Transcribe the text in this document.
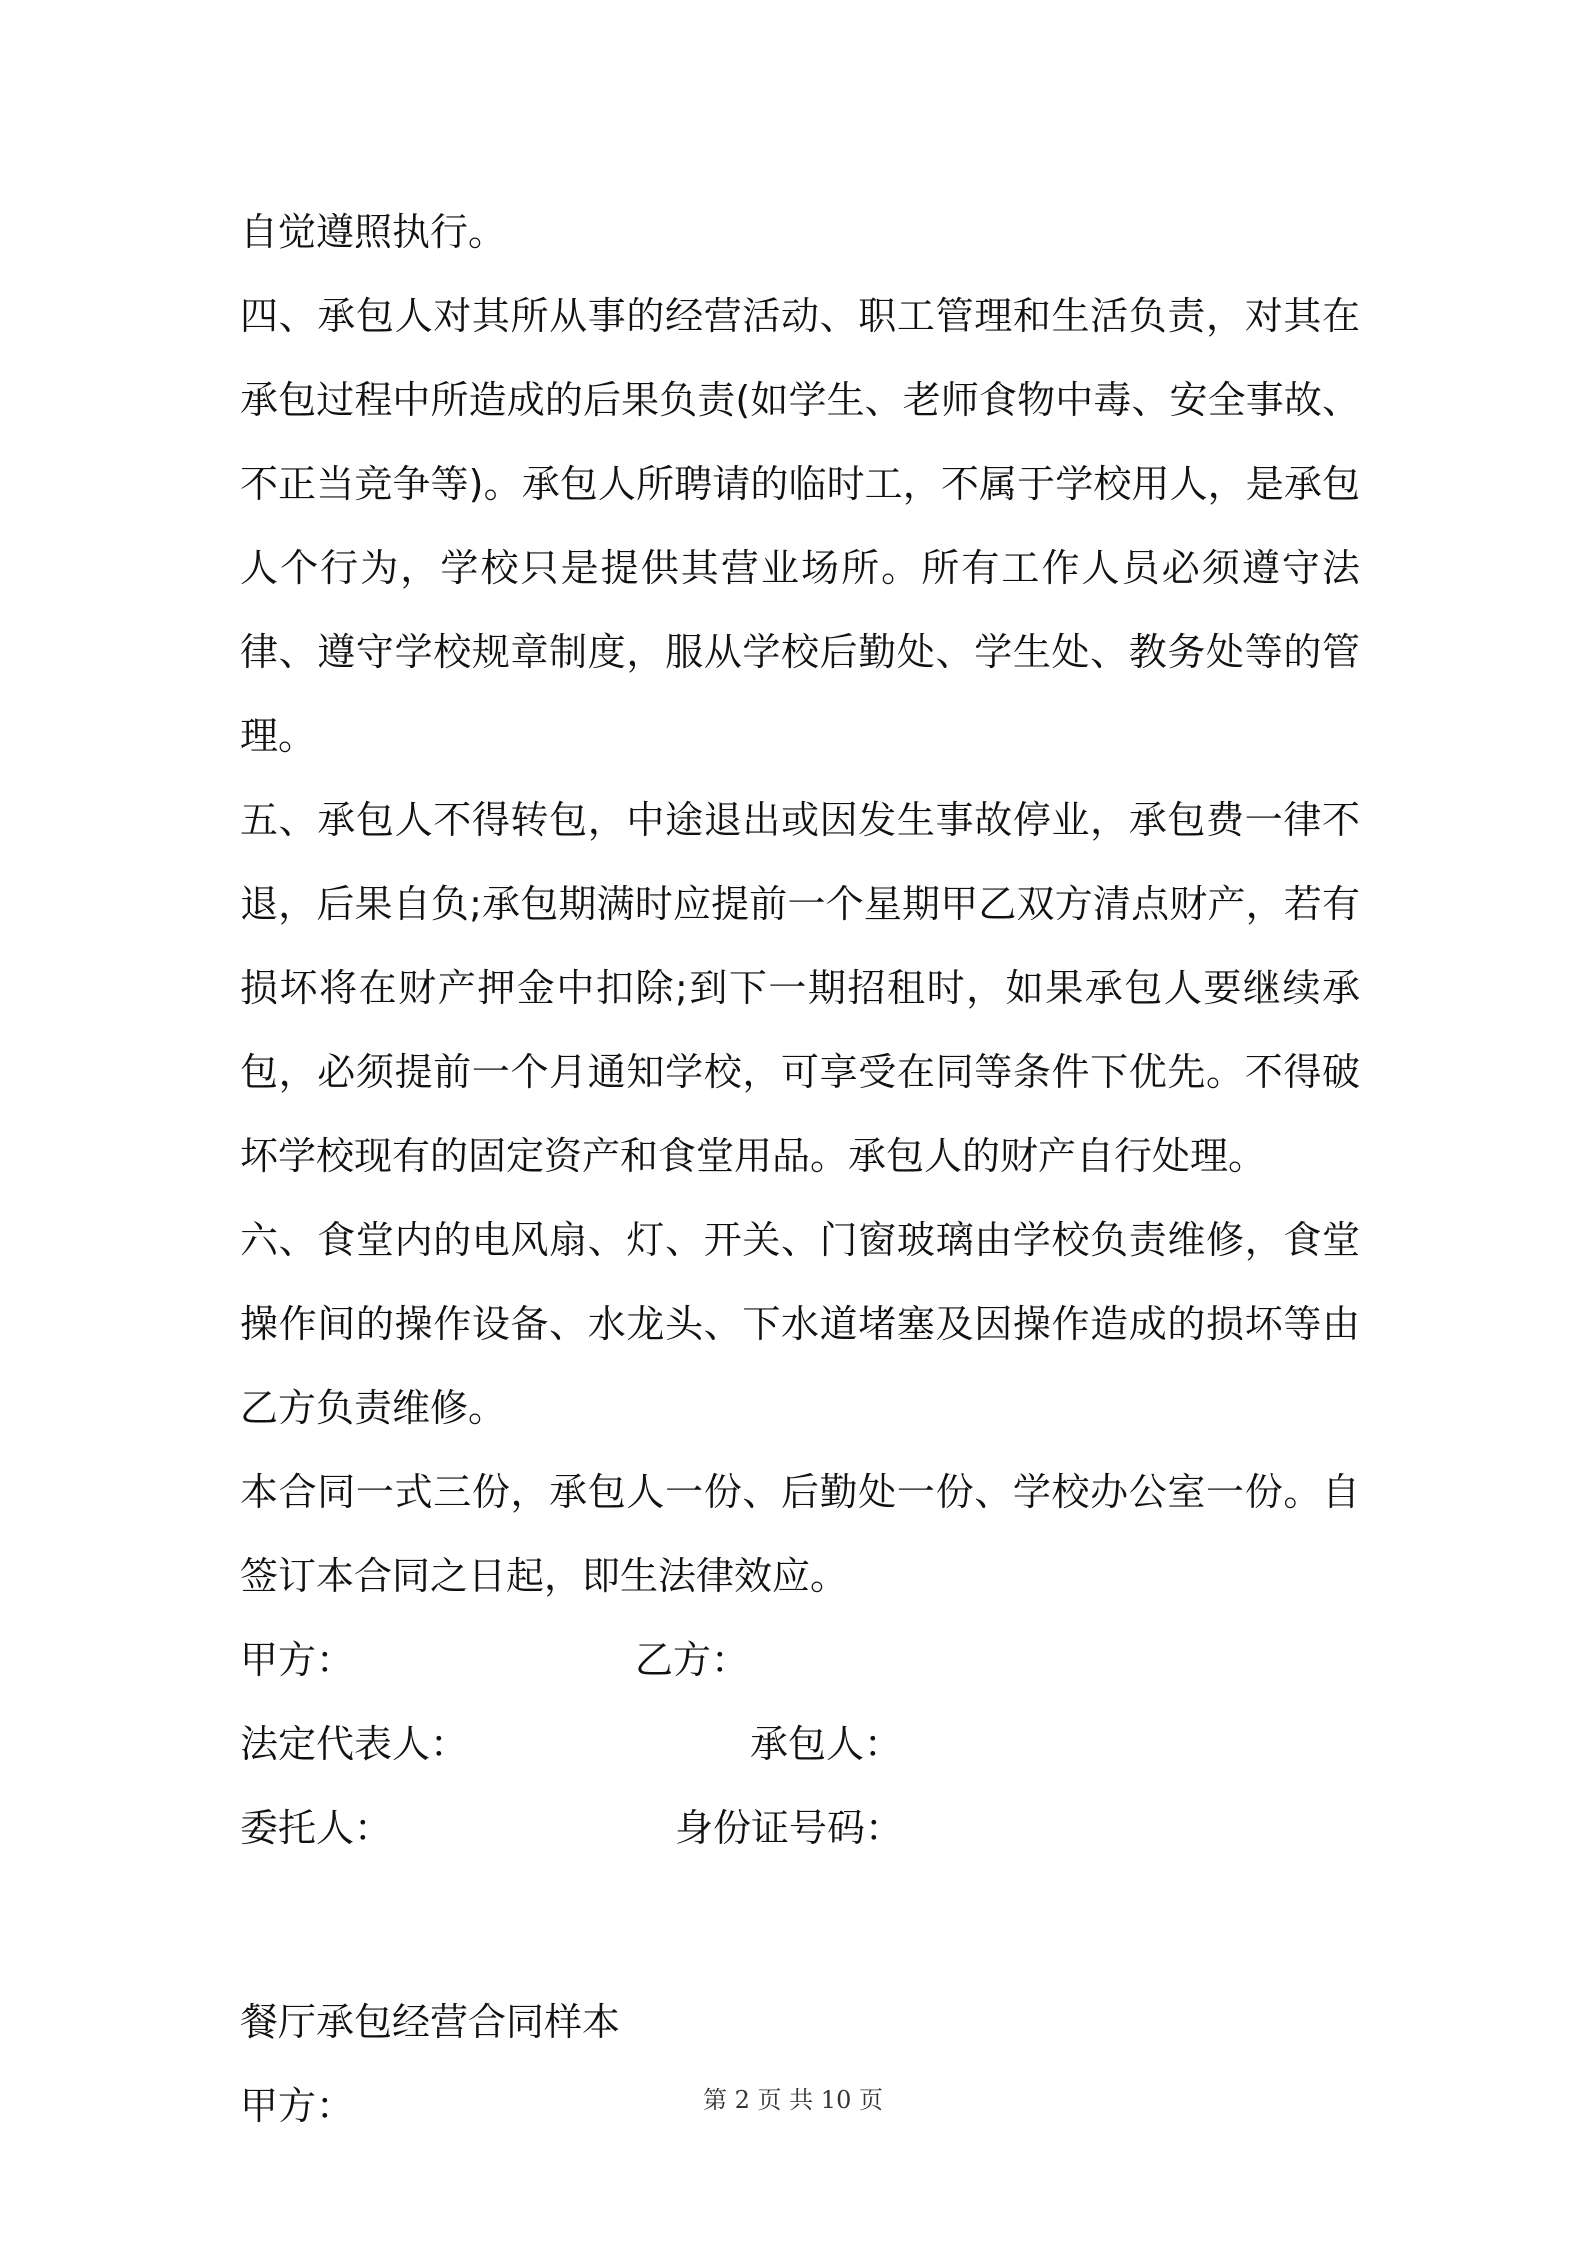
自觉遵照执行。

四、承包人对其所从事的经营活动、职工管理和生活负责，对其在承包过程中所造成的后果负责(如学生、老师食物中毒、安全事故、不正当竞争等)。承包人所聘请的临时工，不属于学校用人，是承包人个行为，学校只是提供其营业场所。所有工作人员必须遵守法律、遵守学校规章制度，服从学校后勤处、学生处、教务处等的管理。

五、承包人不得转包，中途退出或因发生事故停业，承包费一律不退，后果自负;承包期满时应提前一个星期甲乙双方清点财产，若有损坏将在财产押金中扣除;到下一期招租时，如果承包人要继续承包，必须提前一个月通知学校，可享受在同等条件下优先。不得破坏学校现有的固定资产和食堂用品。承包人的财产自行处理。

六、食堂内的电风扇、灯、开关、门窗玻璃由学校负责维修，食堂操作间的操作设备、水龙头、下水道堵塞及因操作造成的损坏等由乙方负责维修。

本合同一式三份，承包人一份、后勤处一份、学校办公室一份。自签订本合同之日起，即生法律效应。

甲方：	乙方：
法定代表人：	承包人：
委托人：	身份证号码：

餐厅承包经营合同样本

甲方：	第 2 页 共 10 页
